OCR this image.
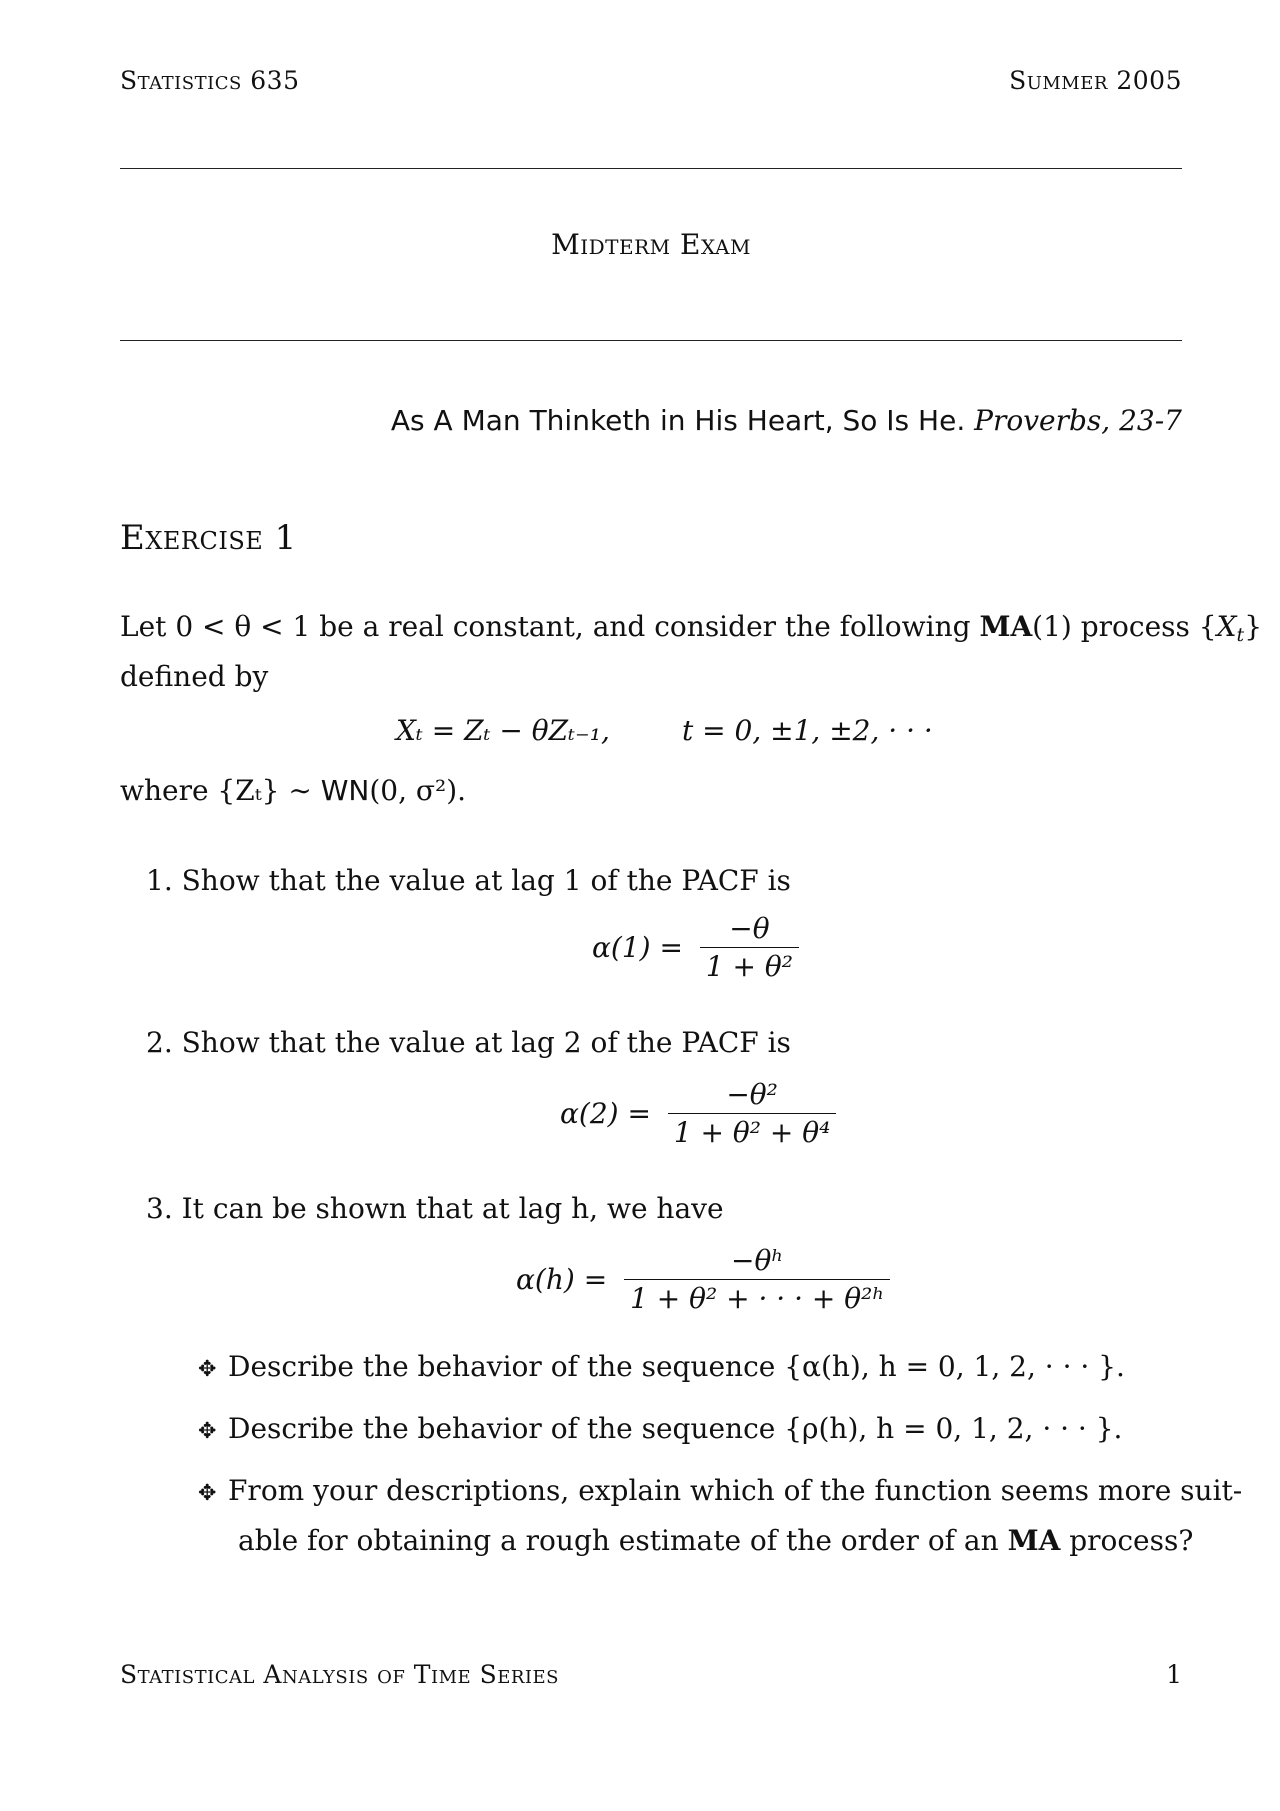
Statistics 635	Summer 2005
Midterm Exam
As A Man Thinketh in His Heart, So Is He. Proverbs, 23-7
Exercise 1
Let 0 < θ < 1 be a real constant, and consider the following MA(1) process {Xt}
defined by
Xₜ = Zₜ − θZₜ₋₁,	t = 0, ±1, ±2, · · ·
where {Zₜ} ∼ WN(0, σ²).
1. Show that the value at lag 1 of the PACF is
$\alpha(1) = \frac{-\theta}{\text{1 + θ²}}$
2. Show that the value at lag 2 of the PACF is
$\alpha(2) = \frac{\text{−θ²}}{\text{1 + θ² + θ⁴}}$
3. It can be shown that at lag h, we have
$\alpha(h) = \frac{\text{−θʰ}}{\text{1 + θ² + · · · + θ²ʰ}}$
✥ Describe the behavior of the sequence {α(h), h = 0, 1, 2, · · · }.
✥ Describe the behavior of the sequence {ρ(h), h = 0, 1, 2, · · · }.
✥ From your descriptions, explain which of the function seems more suit-
able for obtaining a rough estimate of the order of an MA process?
Statistical Analysis of Time Series	1
